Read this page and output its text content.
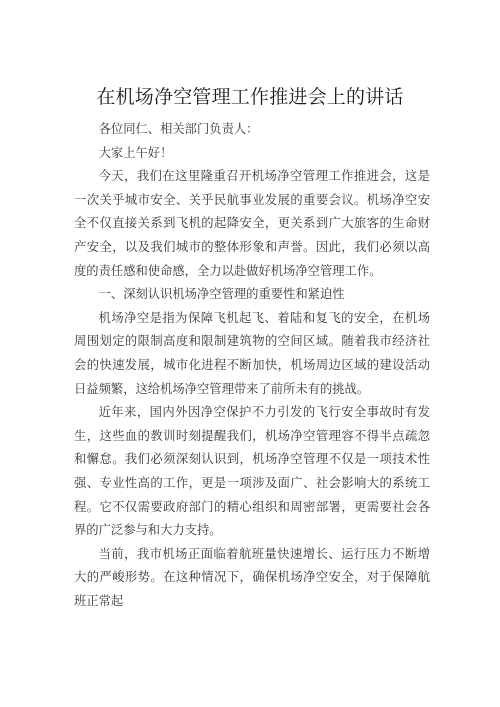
在机场净空管理工作推进会上的讲话

各位同仁、相关部门负责人：

大家上午好！

今天，我们在这里隆重召开机场净空管理工作推进会，这是一次关乎城市安全、关乎民航事业发展的重要会议。机场净空安全不仅直接关系到飞机的起降安全，更关系到广大旅客的生命财产安全，以及我们城市的整体形象和声誉。因此，我们必须以高度的责任感和使命感，全力以赴做好机场净空管理工作。

一、深刻认识机场净空管理的重要性和紧迫性

机场净空是指为保障飞机起飞、着陆和复飞的安全，在机场周围划定的限制高度和限制建筑物的空间区域。随着我市经济社会的快速发展，城市化进程不断加快，机场周边区域的建设活动日益频繁，这给机场净空管理带来了前所未有的挑战。

近年来，国内外因净空保护不力引发的飞行安全事故时有发生，这些血的教训时刻提醒我们，机场净空管理容不得半点疏忽和懈怠。我们必须深刻认识到，机场净空管理不仅是一项技术性强、专业性高的工作，更是一项涉及面广、社会影响大的系统工程。它不仅需要政府部门的精心组织和周密部署，更需要社会各界的广泛参与和大力支持。

当前，我市机场正面临着航班量快速增长、运行压力不断增大的严峻形势。在这种情况下，确保机场净空安全，对于保障航班正常起
